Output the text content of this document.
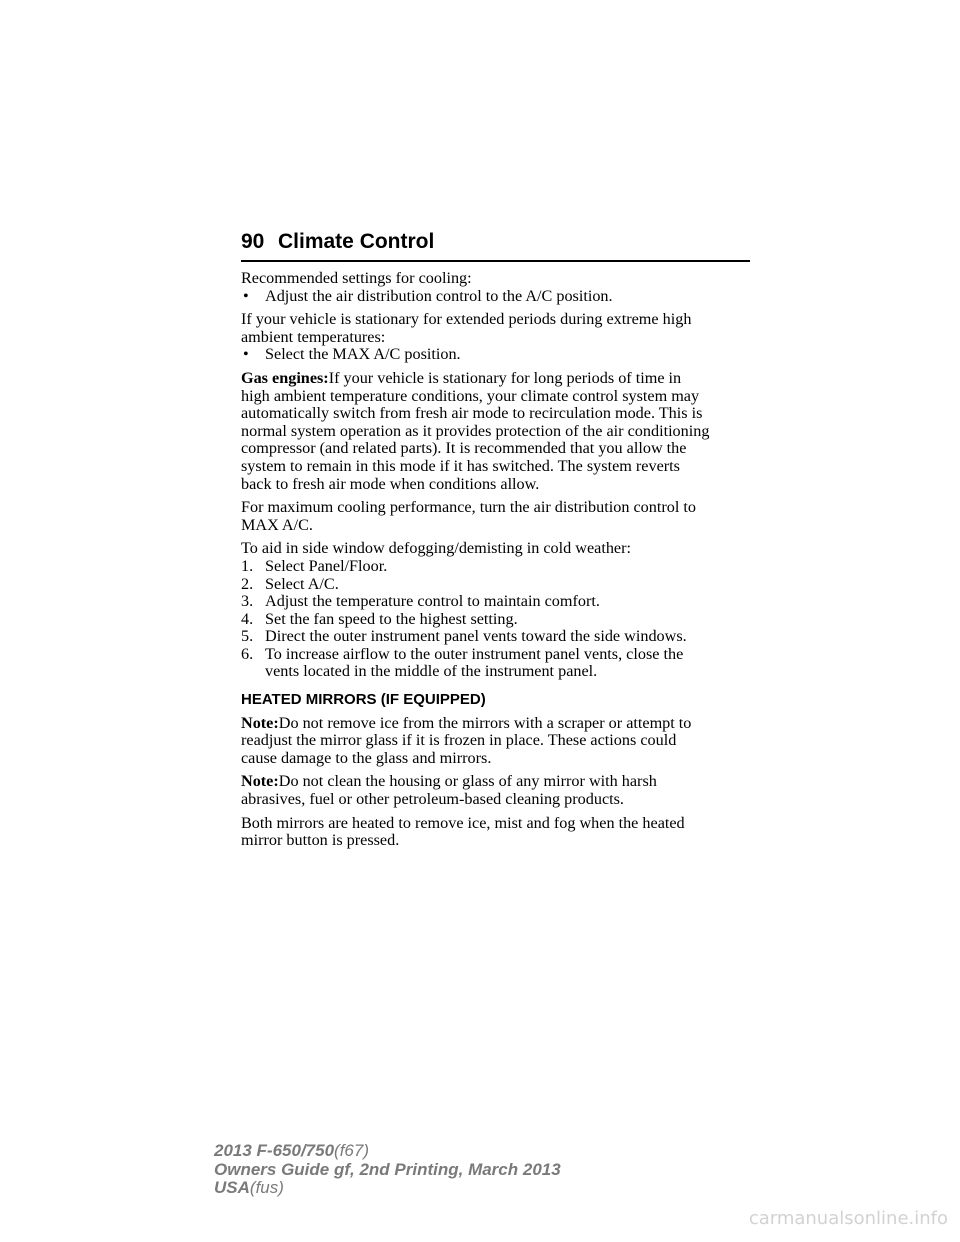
90 Climate Control
Recommended settings for cooling:
• Adjust the air distribution control to the A/C position.
If your vehicle is stationary for extended periods during extreme high
ambient temperatures:
• Select the MAX A/C position.
Gas engines:If your vehicle is stationary for long periods of time in
high ambient temperature conditions, your climate control system may
automatically switch from fresh air mode to recirculation mode. This is
normal system operation as it provides protection of the air conditioning
compressor (and related parts). It is recommended that you allow the
system to remain in this mode if it has switched. The system reverts
back to fresh air mode when conditions allow.
For maximum cooling performance, turn the air distribution control to
MAX A/C.
To aid in side window defogging/demisting in cold weather:
1. Select Panel/Floor.
2. Select A/C.
3. Adjust the temperature control to maintain comfort.
4. Set the fan speed to the highest setting.
5. Direct the outer instrument panel vents toward the side windows.
6. To increase airflow to the outer instrument panel vents, close the
vents located in the middle of the instrument panel.
HEATED MIRRORS (IF EQUIPPED)
Note:Do not remove ice from the mirrors with a scraper or attempt to
readjust the mirror glass if it is frozen in place. These actions could
cause damage to the glass and mirrors.
Note:Do not clean the housing or glass of any mirror with harsh
abrasives, fuel or other petroleum-based cleaning products.
Both mirrors are heated to remove ice, mist and fog when the heated
mirror button is pressed.
2013 F-650/750(f67)
Owners Guide gf, 2nd Printing, March 2013
USA(fus)
carmanualsonline.info
